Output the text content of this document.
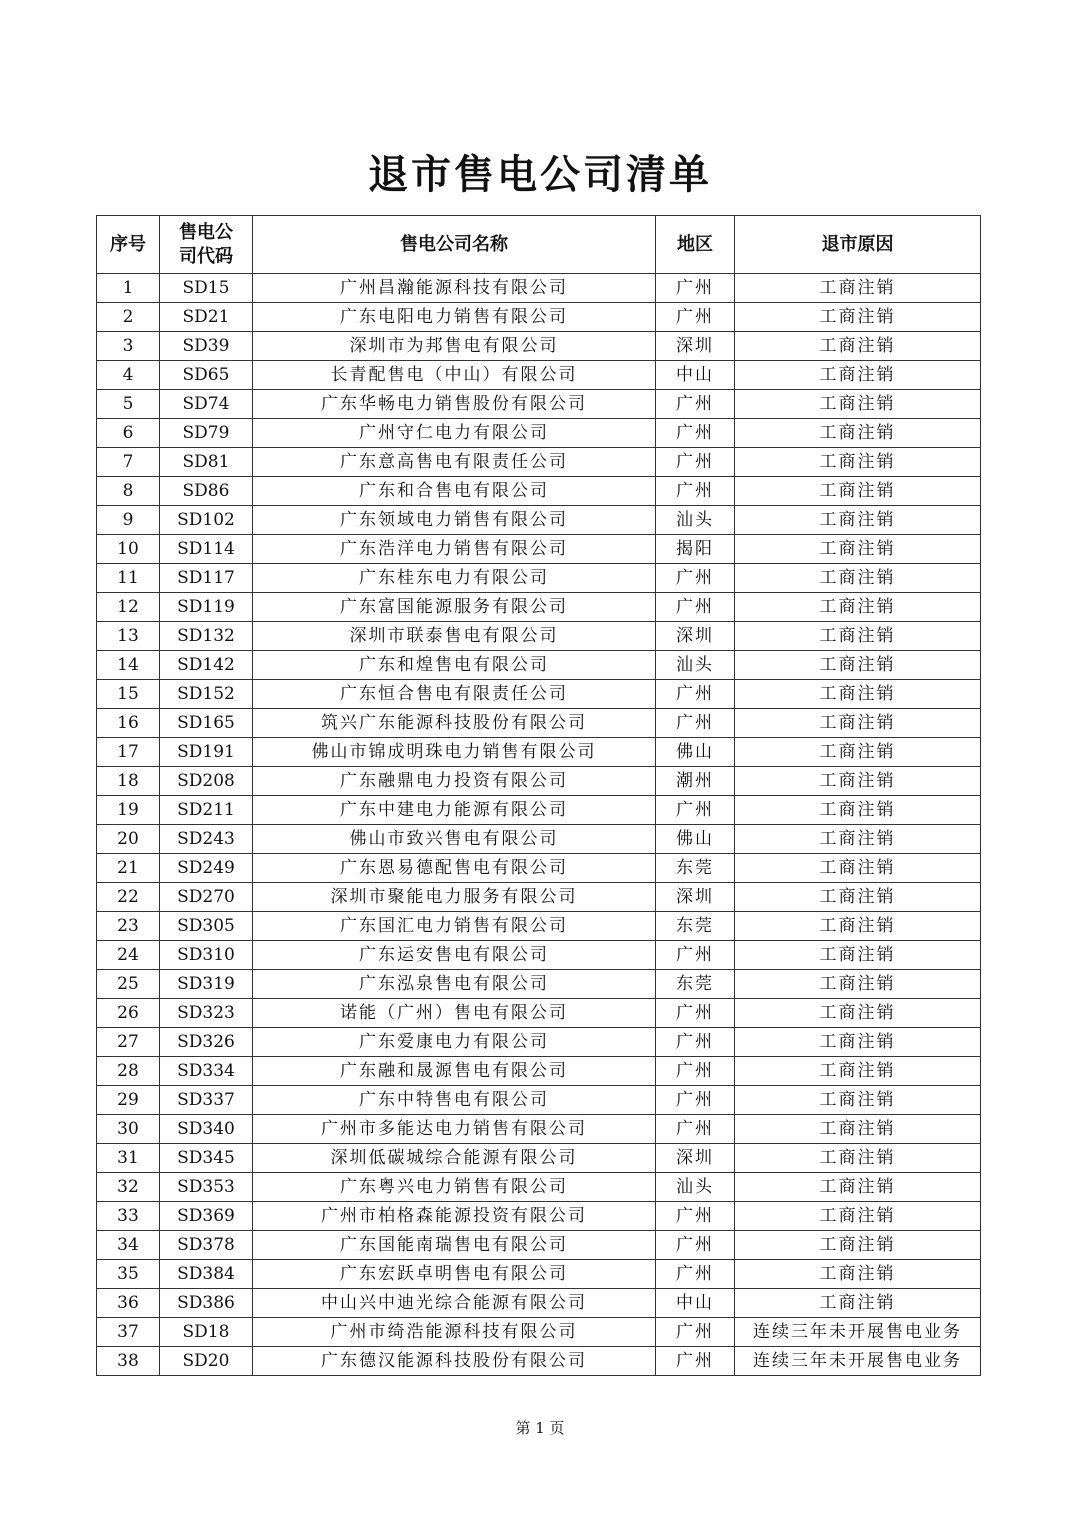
退市售电公司清单
序号	售电公司代码	售电公司名称	地区	退市原因
1	SD15	广州昌瀚能源科技有限公司	广州	工商注销
2	SD21	广东电阳电力销售有限公司	广州	工商注销
3	SD39	深圳市为邦售电有限公司	深圳	工商注销
4	SD65	长青配售电（中山）有限公司	中山	工商注销
5	SD74	广东华畅电力销售股份有限公司	广州	工商注销
6	SD79	广州守仁电力有限公司	广州	工商注销
7	SD81	广东意高售电有限责任公司	广州	工商注销
8	SD86	广东和合售电有限公司	广州	工商注销
9	SD102	广东领域电力销售有限公司	汕头	工商注销
10	SD114	广东浩洋电力销售有限公司	揭阳	工商注销
11	SD117	广东桂东电力有限公司	广州	工商注销
12	SD119	广东富国能源服务有限公司	广州	工商注销
13	SD132	深圳市联泰售电有限公司	深圳	工商注销
14	SD142	广东和煌售电有限公司	汕头	工商注销
15	SD152	广东恒合售电有限责任公司	广州	工商注销
16	SD165	筑兴广东能源科技股份有限公司	广州	工商注销
17	SD191	佛山市锦成明珠电力销售有限公司	佛山	工商注销
18	SD208	广东融鼎电力投资有限公司	潮州	工商注销
19	SD211	广东中建电力能源有限公司	广州	工商注销
20	SD243	佛山市致兴售电有限公司	佛山	工商注销
21	SD249	广东恩易德配售电有限公司	东莞	工商注销
22	SD270	深圳市聚能电力服务有限公司	深圳	工商注销
23	SD305	广东国汇电力销售有限公司	东莞	工商注销
24	SD310	广东运安售电有限公司	广州	工商注销
25	SD319	广东泓泉售电有限公司	东莞	工商注销
26	SD323	诺能（广州）售电有限公司	广州	工商注销
27	SD326	广东爱康电力有限公司	广州	工商注销
28	SD334	广东融和晟源售电有限公司	广州	工商注销
29	SD337	广东中特售电有限公司	广州	工商注销
30	SD340	广州市多能达电力销售有限公司	广州	工商注销
31	SD345	深圳低碳城综合能源有限公司	深圳	工商注销
32	SD353	广东粤兴电力销售有限公司	汕头	工商注销
33	SD369	广州市柏格森能源投资有限公司	广州	工商注销
34	SD378	广东国能南瑞售电有限公司	广州	工商注销
35	SD384	广东宏跃卓明售电有限公司	广州	工商注销
36	SD386	中山兴中迪光综合能源有限公司	中山	工商注销
37	SD18	广州市绮浩能源科技有限公司	广州	连续三年未开展售电业务
38	SD20	广东德汉能源科技股份有限公司	广州	连续三年未开展售电业务
第 1 页
